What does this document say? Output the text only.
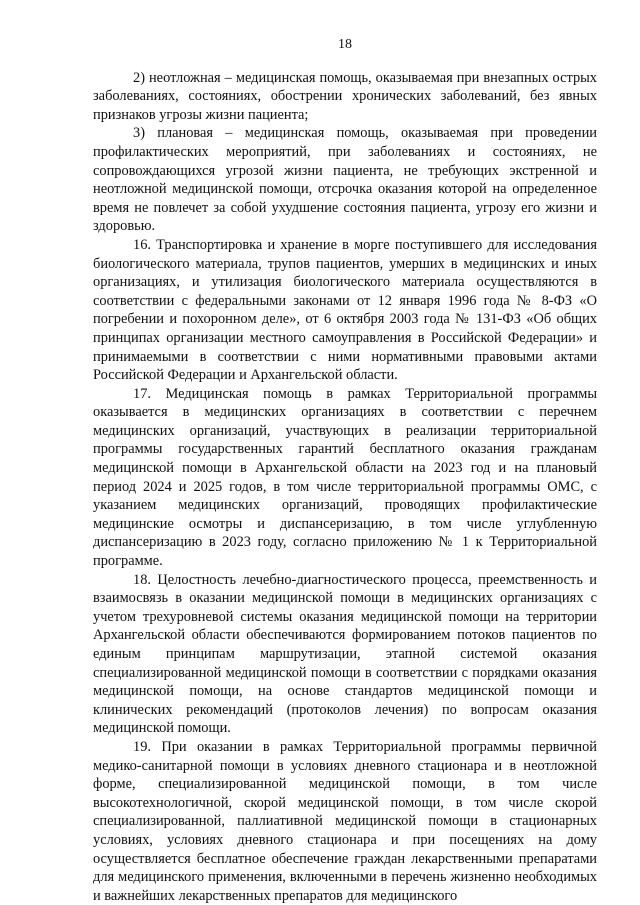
18

2) неотложная – медицинская помощь, оказываемая при внезапных острых заболеваниях, состояниях, обострении хронических заболеваний, без явных признаков угрозы жизни пациента;

3) плановая – медицинская помощь, оказываемая при проведении профилактических мероприятий, при заболеваниях и состояниях, не сопровождающихся угрозой жизни пациента, не требующих экстренной и неотложной медицинской помощи, отсрочка оказания которой на определенное время не повлечет за собой ухудшение состояния пациента, угрозу его жизни и здоровью.

16. Транспортировка и хранение в морге поступившего для исследования биологического материала, трупов пациентов, умерших в медицинских и иных организациях, и утилизация биологического материала осуществляются в соответствии с федеральными законами от 12 января 1996 года № 8-ФЗ «О погребении и похоронном деле», от 6 октября 2003 года № 131-ФЗ «Об общих принципах организации местного самоуправления в Российской Федерации» и принимаемыми в соответствии с ними нормативными правовыми актами Российской Федерации и Архангельской области.

17. Медицинская помощь в рамках Территориальной программы оказывается в медицинских организациях в соответствии с перечнем медицинских организаций, участвующих в реализации территориальной программы государственных гарантий бесплатного оказания гражданам медицинской помощи в Архангельской области на 2023 год и на плановый период 2024 и 2025 годов, в том числе территориальной программы ОМС, с указанием медицинских организаций, проводящих профилактические медицинские осмотры и диспансеризацию, в том числе углубленную диспансеризацию в 2023 году, согласно приложению № 1 к Территориальной программе.

18. Целостность лечебно-диагностического процесса, преемственность и взаимосвязь в оказании медицинской помощи в медицинских организациях с учетом трехуровневой системы оказания медицинской помощи на территории Архангельской области обеспечиваются формированием потоков пациентов по единым принципам маршрутизации, этапной системой оказания специализированной медицинской помощи в соответствии с порядками оказания медицинской помощи, на основе стандартов медицинской помощи и клинических рекомендаций (протоколов лечения) по вопросам оказания медицинской помощи.

19. При оказании в рамках Территориальной программы первичной медико-санитарной помощи в условиях дневного стационара и в неотложной форме, специализированной медицинской помощи, в том числе высокотехнологичной, скорой медицинской помощи, в том числе скорой специализированной, паллиативной медицинской помощи в стационарных условиях, условиях дневного стационара и при посещениях на дому осуществляется бесплатное обеспечение граждан лекарственными препаратами для медицинского применения, включенными в перечень жизненно необходимых и важнейших лекарственных препаратов для медицинского
